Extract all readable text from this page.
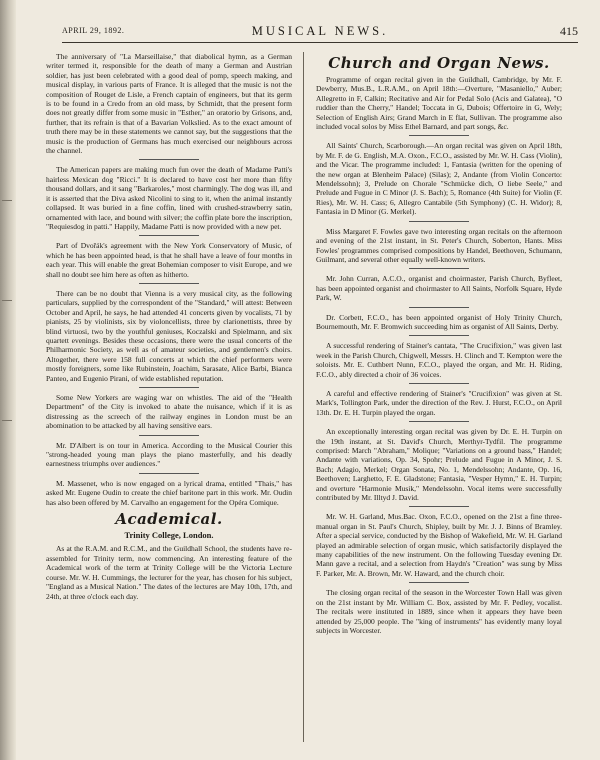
APRIL 29, 1892.	MUSICAL NEWS.	415

The anniversary of "La Marseillaise," that diabolical hymn, as a German writer termed it, responsible for the death of many a German and Austrian soldier, has just been celebrated with a good deal of pomp, speech making, and musical display, in various parts of France. It is alleged that the music is not the composition of Rouget de Lisle, a French captain of engineers, but that its germ is to be found in a Credo from an old mass, by Schmidt, that the present form does not greatly differ from some music in "Esther," an oratorio by Grisons, and, further, that its refrain is that of a Bavarian Volkslied. As to the exact amount of truth there may be in these statements we cannot say, but the suggestions that the music is the production of Germans has much exercised our neighbours across the channel.

The American papers are making much fun over the death of Madame Patti's hairless Mexican dog "Ricci." It is declared to have cost her more than fifty thousand dollars, and it sang "Barkaroles," most charmingly. The dog was ill, and it is asserted that the Diva asked Nicolini to sing to it, when the animal instantly collapsed. It was buried in a fine coffin, lined with crushed-strawberry satin, ornamented with lace, and bound with silver; the coffin plate bore the inscription, "Requiesdog in patti." Happily, Madame Patti is now provided with a new pet.

Part of Dvořák's agreement with the New York Conservatory of Music, of which he has been appointed head, is that he shall have a leave of four months in each year. This will enable the great Bohemian composer to visit Europe, and we shall no doubt see him here as often as hitherto.

There can be no doubt that Vienna is a very musical city, as the following particulars, supplied by the correspondent of the "Standard," will attest: Between October and April, he says, he had attended 41 concerts given by vocalists, 71 by pianists, 25 by violinists, six by violoncellists, three by clarionettists, three by blind virtuosi, two by the youthful geniuses, Koczalski and Spielmann, and six quartett evenings. Besides these occasions, there were the usual concerts of the Philharmonic Society, as well as of amateur societies, and gentlemen's choirs. Altogether, there were 158 full concerts at which the chief performers were mostly foreigners, some like Rubinstein, Joachim, Sarasate, Alice Barbi, Bianca Panteo, and Eugenio Pirani, of wide established reputation.

Some New Yorkers are waging war on whistles. The aid of the "Health Department" of the City is invoked to abate the nuisance, which if it is as distressing as the screech of the railway engines in London must be an abomination to be attacked by all having sensitive ears.

Mr. D'Albert is on tour in America. According to the Musical Courier this "strong-headed young man plays the piano masterfully, and his deadly earnestness triumphs over audiences."

M. Massenet, who is now engaged on a lyrical drama, entitled "Thais," has asked Mr. Eugene Oudin to create the chief baritone part in this work. Mr. Oudin has also been offered by M. Carvalho an engagement for the Opéra Comique.

Academical.
Trinity College, London.

As at the R.A.M. and R.C.M., and the Guildhall School, the students have re-assembled for Trinity term, now commencing. An interesting feature of the Academical work of the term at Trinity College will be the Victoria Lecture course. Mr. W. H. Cummings, the lecturer for the year, has chosen for his subject, "England as a Musical Nation." The dates of the lectures are May 10th, 17th, and 24th, at three o'clock each day.

Church and Organ News.

Programme of organ recital given in the Guildhall, Cambridge, by Mr. F. Dewberry, Mus.B., L.R.A.M., on April 18th:—Overture, "Masaniello," Auber; Allegretto in F, Calkin; Recitative and Air for Pedal Solo (Acis and Galatea), "O ruddier than the Cherry," Handel; Toccata in G, Dubois; Offertoire in G, Wely; Selection of English Airs; Grand March in E flat, Sullivan. The programme also included vocal solos by Miss Ethel Barnard, and part songs, &c.

All Saints' Church, Scarborough.—An organ recital was given on April 18th, by Mr. F. de G. English, M.A. Oxon., F.C.O., assisted by Mr. W. H. Cass (Violin), and the Vicar. The programme included: 1, Fantasia (written for the opening of the new organ at Blenheim Palace) (Silas); 2, Andante (from Violin Concerto: Mendelssohn); 3, Prelude on Chorale "Schmücke dich, O liebe Seele," and Prelude and Fugue in C Minor (J. S. Bach); 5, Romance (4th Suite) for Violin (F. Ries), Mr. W. H. Cass; 6, Allegro Cantabile (5th Symphony) (C. H. Widor); 8, Fantasia in D Minor (G. Merkel).

Miss Margaret F. Fowles gave two interesting organ recitals on the afternoon and evening of the 21st instant, in St. Peter's Church, Soberton, Hants. Miss Fowles' programmes comprised compositions by Handel, Beethoven, Schumann, Guilmant, and several other equally well-known writers.

Mr. John Curran, A.C.O., organist and choirmaster, Parish Church, Byfleet, has been appointed organist and choirmaster to All Saints, Norfolk Square, Hyde Park, W.

Dr. Corbett, F.C.O., has been appointed organist of Holy Trinity Church, Bournemouth, Mr. F. Bromwich succeeding him as organist of All Saints, Derby.

A successful rendering of Stainer's cantata, "The Crucifixion," was given last week in the Parish Church, Chigwell, Messrs. H. Clinch and T. Kempton were the soloists. Mr. E. Cuthbert Nunn, F.C.O., played the organ, and Mr. H. Riding, F.C.O., ably directed a choir of 36 voices.

A careful and effective rendering of Stainer's "Crucifixion" was given at St. Mark's, Tollington Park, under the direction of the Rev. J. Hurst, F.C.O., on April 13th. Dr. E. H. Turpin played the organ.

An exceptionally interesting organ recital was given by Dr. E. H. Turpin on the 19th instant, at St. David's Church, Merthyr-Tydfil. The programme comprised: March "Abraham," Molique; "Variations on a ground bass," Handel; Andante with variations, Op. 34, Spohr; Prelude and Fugue in A Minor, J. S. Bach; Adagio, Merkel; Organ Sonata, No. 1, Mendelssohn; Andante, Op. 16, Beethoven; Larghetto, F. E. Gladstone; Fantasia, "Vesper Hymn," E. H. Turpin; and overture "Harmonie Musik," Mendelssohn. Vocal items were successfully contributed by Mr. Illtyd J. David.

Mr. W. H. Garland, Mus.Bac. Oxon, F.C.O., opened on the 21st a fine three-manual organ in St. Paul's Church, Shipley, built by Mr. J. J. Binns of Bramley. After a special service, conducted by the Bishop of Wakefield, Mr. W. H. Garland played an admirable selection of organ music, which satisfactorily displayed the many capabilities of the new instrument. On the following Tuesday evening Dr. Mann gave a recital, and a selection from Haydn's "Creation" was sung by Miss F. Parker, Mr. A. Brown, Mr. W. Haward, and the church choir.

The closing organ recital of the season in the Worcester Town Hall was given on the 21st instant by Mr. William C. Box, assisted by Mr. F. Pedley, vocalist. The recitals were instituted in 1889, since when it appears they have been attended by 25,000 people. The "king of instruments" has evidently many loyal subjects in Worcester.
